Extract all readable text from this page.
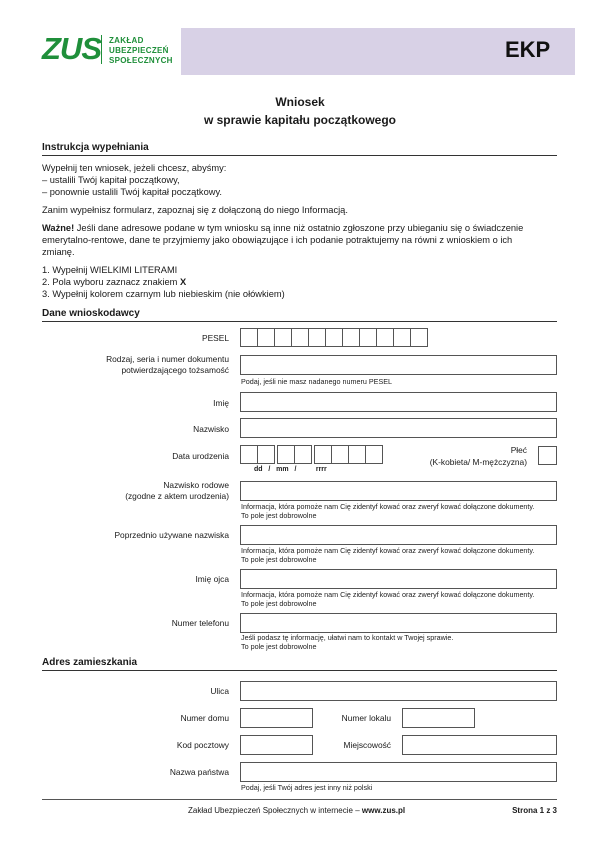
ZUS ZAKŁAD
UBEZPIECZEŃ
SPOŁECZNYCH	EKP
Wniosek
w sprawie kapitału początkowego
Instrukcja wypełniania
Wypełnij ten wniosek, jeżeli chcesz, abyśmy:
– ustalili Twój kapitał początkowy,
– ponownie ustalili Twój kapitał początkowy.
Zanim wypełnisz formularz, zapoznaj się z dołączoną do niego Informacją.
Ważne! Jeśli dane adresowe podane w tym wniosku są inne niż ostatnio zgłoszone przy ubieganiu się o świadczenie
emerytalno-rentowe, dane te przyjmiemy jako obowiązujące i ich podanie potraktujemy na równi z wnioskiem o ich
zmianę.
1. Wypełnij WIELKIMI LITERAMI
2. Pola wyboru zaznacz znakiem X
3. Wypełnij kolorem czarnym lub niebieskim (nie ołówkiem)
Dane wnioskodawcy
PESEL
Rodzaj, seria i numer dokumentu
potwierdzającego tożsamość
Podaj, jeśli nie masz nadanego numeru PESEL
Imię
Nazwisko
Data urodzenia
dd   /   mm   /          rrrr
Płeć
(K-kobieta/ M-mężczyzna)
Nazwisko rodowe
(zgodne z aktem urodzenia)
Informacja, która pomoże nam Cię zidentyf kować oraz zweryf kować dołączone dokumenty.
To pole jest dobrowolne
Poprzednio używane nazwiska
Informacja, która pomoże nam Cię zidentyf kować oraz zweryf kować dołączone dokumenty.
To pole jest dobrowolne
Imię ojca
Informacja, która pomoże nam Cię zidentyf kować oraz zweryf kować dołączone dokumenty.
To pole jest dobrowolne
Numer telefonu
Jeśli podasz tę informację, ułatwi nam to kontakt w Twojej sprawie.
To pole jest dobrowolne
Adres zamieszkania
Ulica
Numer domu	Numer lokalu
Kod pocztowy	Miejscowość
Nazwa państwa
Podaj, jeśli Twój adres jest inny niż polski
Zakład Ubezpieczeń Społecznych w internecie – www.zus.pl	Strona 1 z 3
